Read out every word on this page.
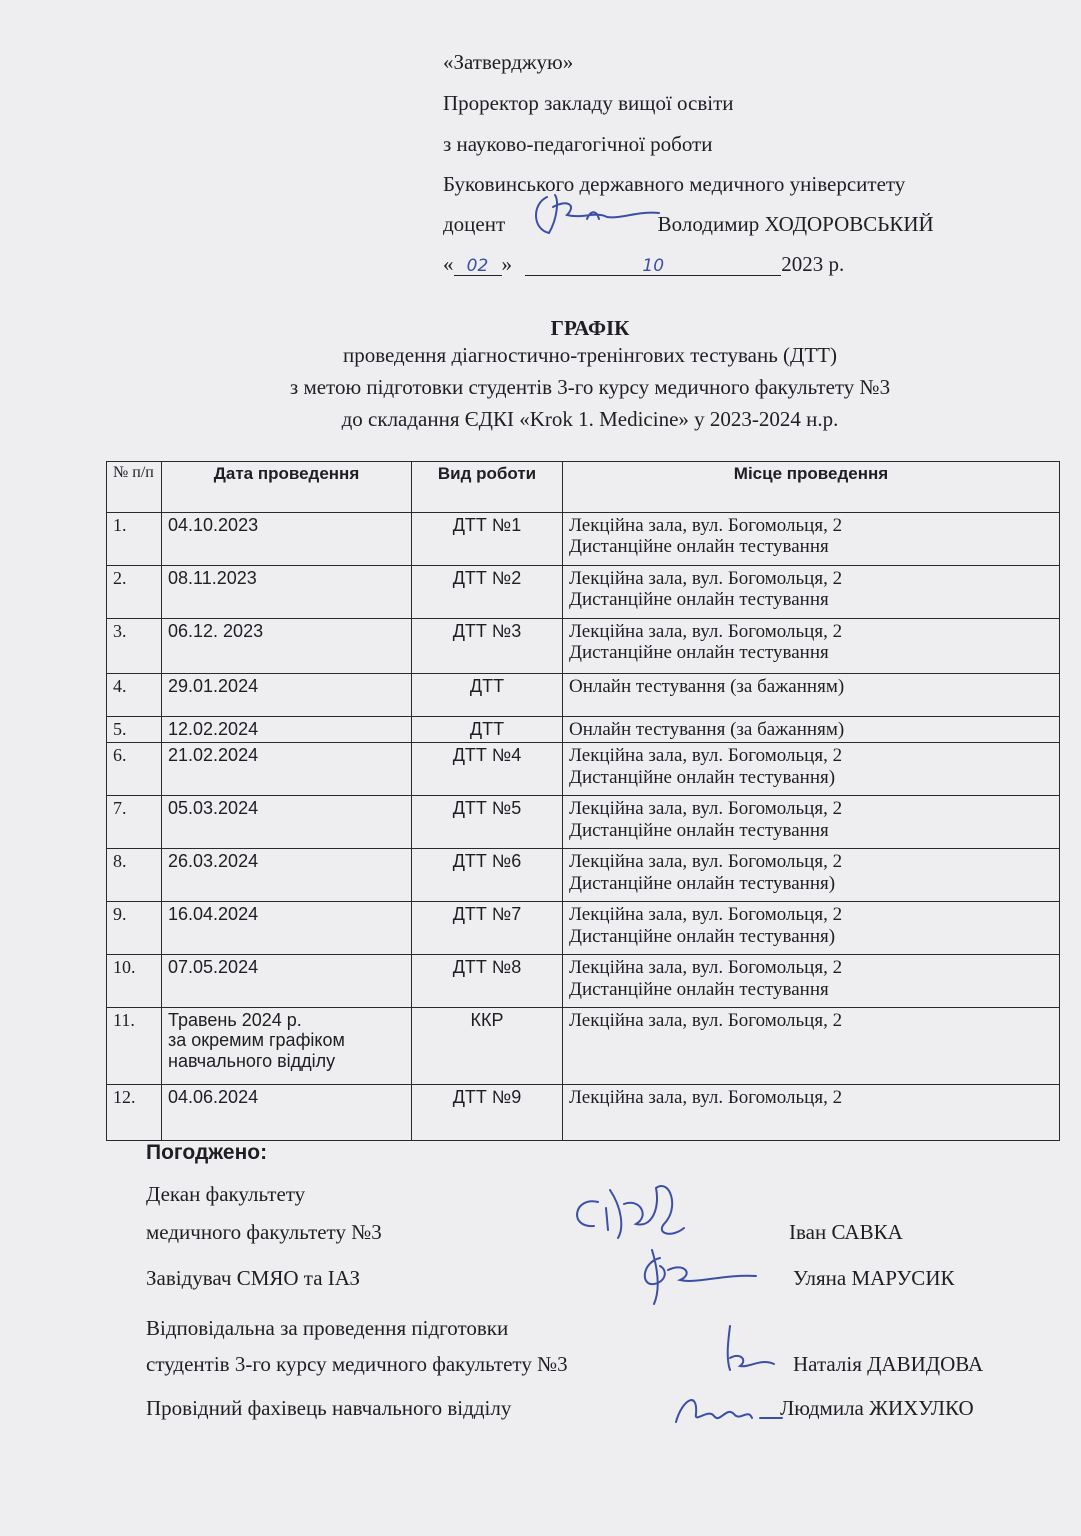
«Затверджую»
Проректор закладу вищої освіти
з науково-педагогічної роботи
Буковинського державного медичного університету
доцент	Володимир ХОДОРОВСЬКИЙ
« 02 »	10	2023 р.
ГРАФІК
проведення діагностично-тренінгових тестувань (ДТТ)
з метою підготовки студентів 3-го курсу медичного факультету №3
до складання ЄДКІ «Krok 1. Medicine» у 2023-2024 н.р.
№ п/п	Дата проведення	Вид роботи	Місце проведення
1.	04.10.2023	ДТТ №1	Лекційна зала, вул. Богомольця, 2
Дистанційне онлайн тестування

2.	08.11.2023	ДТТ №2	Лекційна зала, вул. Богомольця, 2
Дистанційне онлайн тестування

3.	06.12. 2023	ДТТ №3	Лекційна зала, вул. Богомольця, 2
Дистанційне онлайн тестування

4.	29.01.2024	ДТТ	Онлайн тестування (за бажанням)

5.	12.02.2024	ДТТ	Онлайн тестування (за бажанням)

6.	21.02.2024	ДТТ №4	Лекційна зала, вул. Богомольця, 2
Дистанційне онлайн тестування)

7.	05.03.2024	ДТТ №5	Лекційна зала, вул. Богомольця, 2
Дистанційне онлайн тестування

8.	26.03.2024	ДТТ №6	Лекційна зала, вул. Богомольця, 2
Дистанційне онлайн тестування)

9.	16.04.2024	ДТТ №7	Лекційна зала, вул. Богомольця, 2
Дистанційне онлайн тестування)

10.	07.05.2024	ДТТ №8	Лекційна зала, вул. Богомольця, 2
Дистанційне онлайн тестування

11.	Травень 2024 р.
за окремим графіком
навчального відділу	ККР	Лекційна зала, вул. Богомольця, 2

12.	04.06.2024	ДТТ №9	Лекційна зала, вул. Богомольця, 2
Погоджено:
Декан факультету
медичного факультету №3	Іван САВКА
Завідувач СМЯО та ІАЗ	Уляна МАРУСИК
Відповідальна за проведення підготовки
студентів 3-го курсу медичного факультету №3	Наталія ДАВИДОВА
Провідний фахівець навчального відділу	Людмила ЖИХУЛКО
